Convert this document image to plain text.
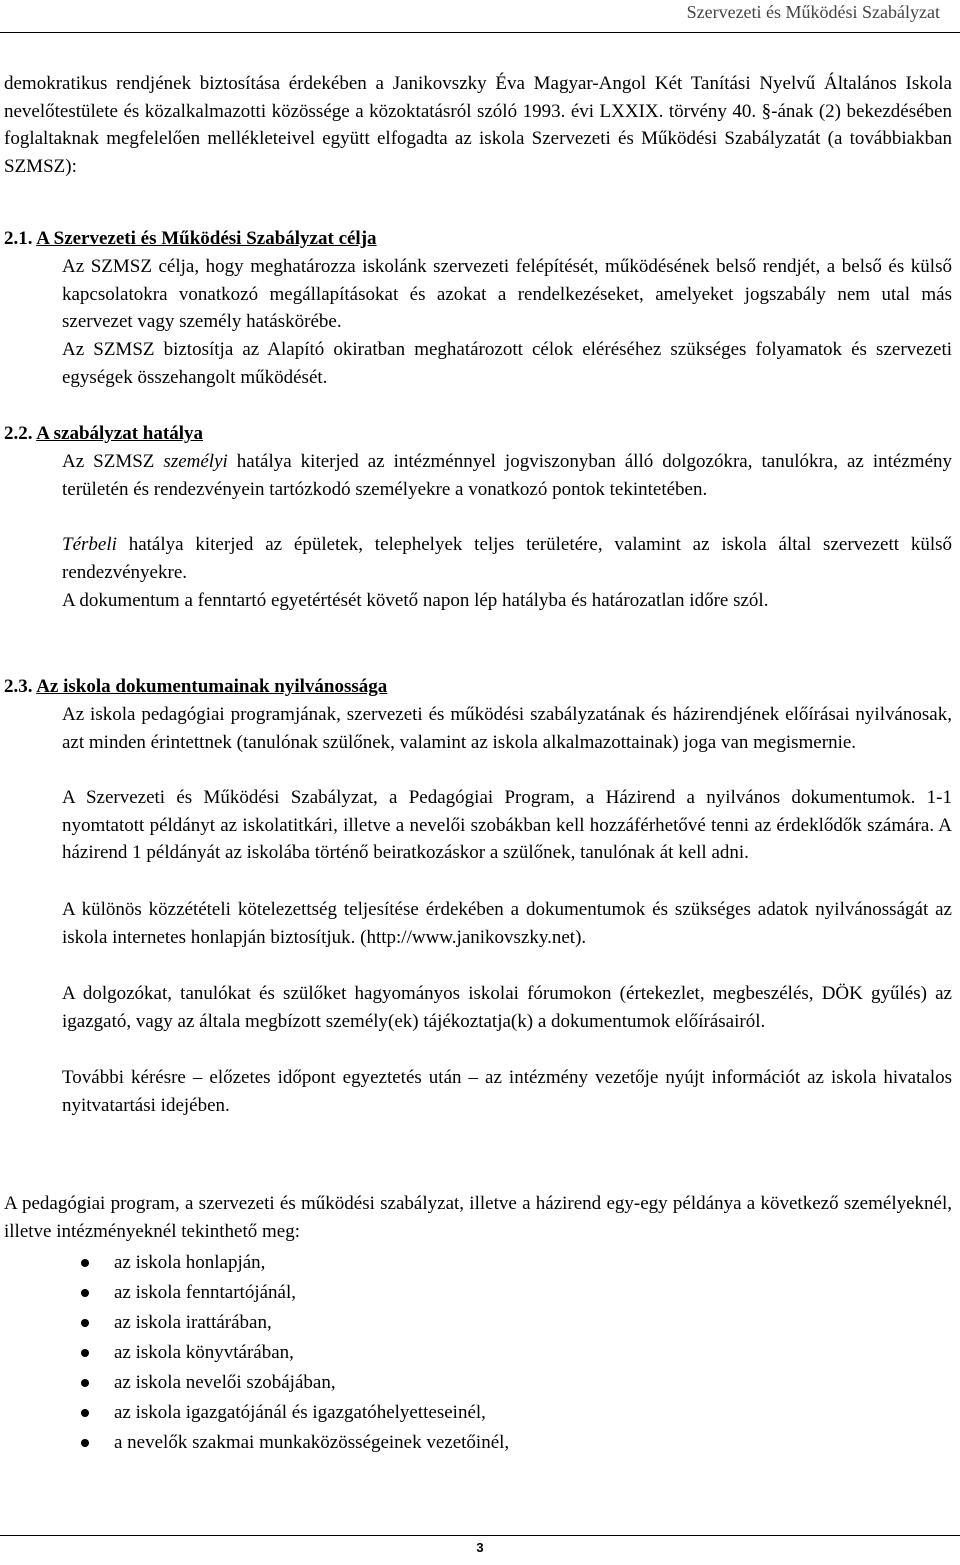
Szervezeti és Működési Szabályzat

demokratikus rendjének biztosítása érdekében a Janikovszky Éva Magyar-Angol Két Tanítási Nyelvű Általános Iskola nevelőtestülete és közalkalmazotti közössége a közoktatásról szóló 1993. évi LXXIX. törvény 40. §-ának (2) bekezdésében foglaltaknak megfelelően mellékleteivel együtt elfogadta az iskola Szervezeti és Működési Szabályzatát (a továbbiakban SZMSZ):

2.1. A Szervezeti és Működési Szabályzat célja

Az SZMSZ célja, hogy meghatározza iskolánk szervezeti felépítését, működésének belső rendjét, a belső és külső kapcsolatokra vonatkozó megállapításokat és azokat a rendelkezéseket, amelyeket jogszabály nem utal más szervezet vagy személy hatáskörébe.

Az SZMSZ biztosítja az Alapító okiratban meghatározott célok eléréséhez szükséges folyamatok és szervezeti egységek összehangolt működését.

2.2. A szabályzat hatálya

Az SZMSZ személyi hatálya kiterjed az intézménnyel jogviszonyban álló dolgozókra, tanulókra, az intézmény területén és rendezvényein tartózkodó személyekre a vonatkozó pontok tekintetében.

Térbeli hatálya kiterjed az épületek, telephelyek teljes területére, valamint az iskola által szervezett külső rendezvényekre.

A dokumentum a fenntartó egyetértését követő napon lép hatályba és határozatlan időre szól.

2.3. Az iskola dokumentumainak nyilvánossága

Az iskola pedagógiai programjának, szervezeti és működési szabályzatának és házirendjének előírásai nyilvánosak, azt minden érintettnek (tanulónak szülőnek, valamint az iskola alkalmazottainak) joga van megismernie.

A Szervezeti és Működési Szabályzat, a Pedagógiai Program, a Házirend a nyilvános dokumentumok. 1-1 nyomtatott példányt az iskolatitkári, illetve a nevelői szobákban kell hozzáférhetővé tenni az érdeklődők számára. A házirend 1 példányát az iskolába történő beiratkozáskor a szülőnek, tanulónak át kell adni.

A különös közzétételi kötelezettség teljesítése érdekében a dokumentumok és szükséges adatok nyilvánosságát az iskola internetes honlapján biztosítjuk. (http://www.janikovszky.net).

A dolgozókat, tanulókat és szülőket hagyományos iskolai fórumokon (értekezlet, megbeszélés, DÖK gyűlés) az igazgató, vagy az általa megbízott személy(ek) tájékoztatja(k) a dokumentumok előírásairól.

További kérésre – előzetes időpont egyeztetés után – az intézmény vezetője nyújt információt az iskola hivatalos nyitvatartási idejében.

A pedagógiai program, a szervezeti és működési szabályzat, illetve a házirend egy-egy példánya a következő személyeknél, illetve intézményeknél tekinthető meg:

az iskola honlapján,
az iskola fenntartójánál,
az iskola irattárában,
az iskola könyvtárában,
az iskola nevelői szobájában,
az iskola igazgatójánál és igazgatóhelyetteseinél,
a nevelők szakmai munkaközösségeinek vezetőinél,
3
